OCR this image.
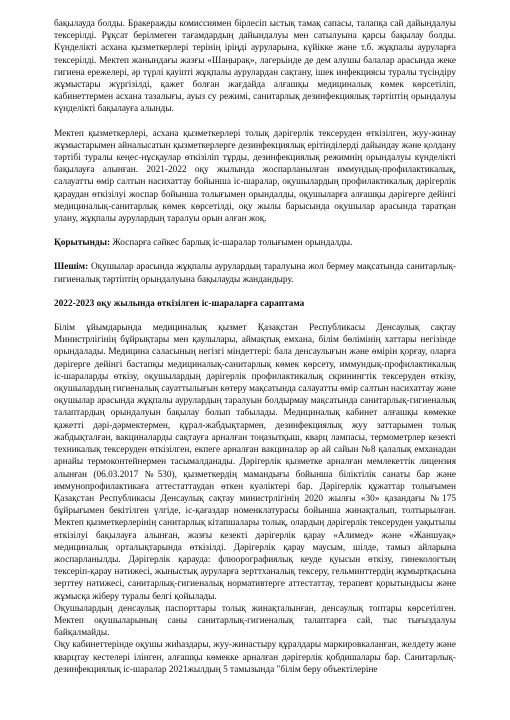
бақылауда болды. Бракеражды комиссиямен бірлесіп ыстық тамақ сапасы, талапқа сай дайындалуы тексерілді. Рұқсат берілмеген тағамдардың дайындалуы мен сатылуына қарсы бақылау болды. Күнделікті асхана қызметкерлері терінің іріңді ауруларына, күйікке және т.б. жұқпалы ауруларға тексерілді. Мектеп жанындағы жазғы «Шаңырақ», лагерьінде де дем алушы балалар арасында жеке гигиена ережелері, әр түрлі қауіпті жұқпалы аурулардан сақтану, ішек инфекциясы туралы түсіндіру жұмыстары жүргізілді, қажет болған жағдайда алғашқы медициналық көмек көрсетіліп, кабинеттермен асхана тазалығы, ауыз су режимі, санитарлық дезинфекциялық тәртіптің орындалуы күнделікті бақылауға алынды.

Мектеп қызметкерлері, асхана қызметкерлері толық дәрігерлік тексеруден өткізілген, жуу-жинау жұмыстарымен айналысатын қызметкерлерге дезинфекциялық ерітінділерді дайындау және қолдану тәртібі туралы кеңес-нұсқаулар өткізіліп тұрды, дезинфекциялық режимнің орындалуы күнделікті бақылауға алынған. 2021-2022 оқу жылында жоспарланылған иммундық-профилактикалық, салауатты өмір салтын насихаттау бойынша іс-шаралар, оқушылардың профилактикалық дәрігерлік қараудан өткізілуі жоспар бойынша толығымен орындалды, оқушыларға алғашқы дәрігерге дейінгі медициналық-санитарлық көмек көрсетілді, оқу жылы барысында оқушылар арасында таратқан улану, жұқпалы аурулардың таралуы орын алған жоқ.

Қорытынды: Жоспарға сәйкес барлық іс-шаралар толығымен орындалды.

Шешім: Оқушылар арасында жұқпалы аурулардың таралуына жол бермеу мақсатында санитарлық-гигиеналық тәртіптің орындалуына бақылауды жандандыру.

2022-2023 оқу жылында өткізілген іс-шараларға сараптама

Білім ұйымдарында медициналық қызмет Қазақстан Республикасы Денсаулық сақтау Министрлігінің бұйрықтары мен қаулылары, аймақтық емхана, білім бөлімінің хаттары негізінде орындалады. Медицина саласының негізгі міндеттері: бала денсаулығын және өмірін қорғау, оларға дәрігерге дейінгі бастапқы медициналық-санитарлық көмек көрсету, иммундық-профилактикалық іс-шараларды өткізу, оқушылардың дәрігерлік профилактикалық скринингтік тексеруден өткізу, оқушылардың гигиеналық сауаттылығын көтеру мақсатында салауатты өмір салтын насихаттау және оқушылар арасында жұқпалы аурулардың таралуын болдырмау мақсатында санитарлық-гигиеналық талаптардың орындалуын бақылау болып табылады. Медициналық кабинет алғашқы көмекке қажетті дәрі-дәрмектермен, құрал-жабдықтармен, дезинфекциялық жуу заттарымен толық жабдықталған, вакциналарды сақтауға арналған тоңазытқыш, кварц лампасы, термометрлер кезекті техникалық тексеруден өткізілген, екпеге арналған вакциналар әр ай сайын №8 қалалық емханадан арнайы термоконтейнермен тасымалданады. Дәрігерлік қызметке арналған мемлекеттік лицензия алынған (06.03.2017 №530), қызметкердің мамандығы бойынша біліктілік санаты бар және иммунопрофилактикаға аттестаттаудан өткен куәліктері бар. Дәрігерлік құжаттар толығымен Қазақстан Республикасы Денсаулық сақтау министрлігінің 2020 жылғы «30» қазандағы №175 бұйрығымен бекітілген үлгіде, іс-қағаздар номенклатурасы бойынша жинақталып, толтырылған. Мектеп қызметкерлерінің санитарлық кітапшалары толық, олардың дәрігерлік тексеруден уақытылы өткізілуі бақылауға алынған, жазғы кезекті дәрігерлік қарау «Алимед» және «Жаншуақ» медициналық орталықтарында өткізілді. Дәрігерлік қарау маусым, шілде, тамыз айларына жоспарланылды. Дәрігерлік қарауда: флюорографиялық кеуде қуысын өткізу, гинекологтың тексеріп-қарау нәтижесі, жыныстық ауруларға зерттханалық тексеру, гельминттердің жұмыртқасына зерттеу нәтижесі, санитарлық-гигиеналық нормативтерге аттестаттау, терапевт қорытындысы және жұмысқа жіберу туралы белгі қойылады.

Оқушылардың денсаулық паспорттары толық жинақталынған, денсаулық топтары көрсетілген. Мектеп оқушыларының саны санитарлық-гигиеналық талаптарға сай, тыс тығыздалуы байқалмайды.

Оқу кабинеттерінде оқушы жиһаздары, жуу-жинастыру құралдары маркировкаланған, желдету және кварцтау кестелері ілінген, алғашқы көмекке арналған дәрігерлік қобдишалары бар. Санитарлық-дезинфекциялық іс-шаралар 2021жылдың 5 тамызында "білім беру объектілеріне
